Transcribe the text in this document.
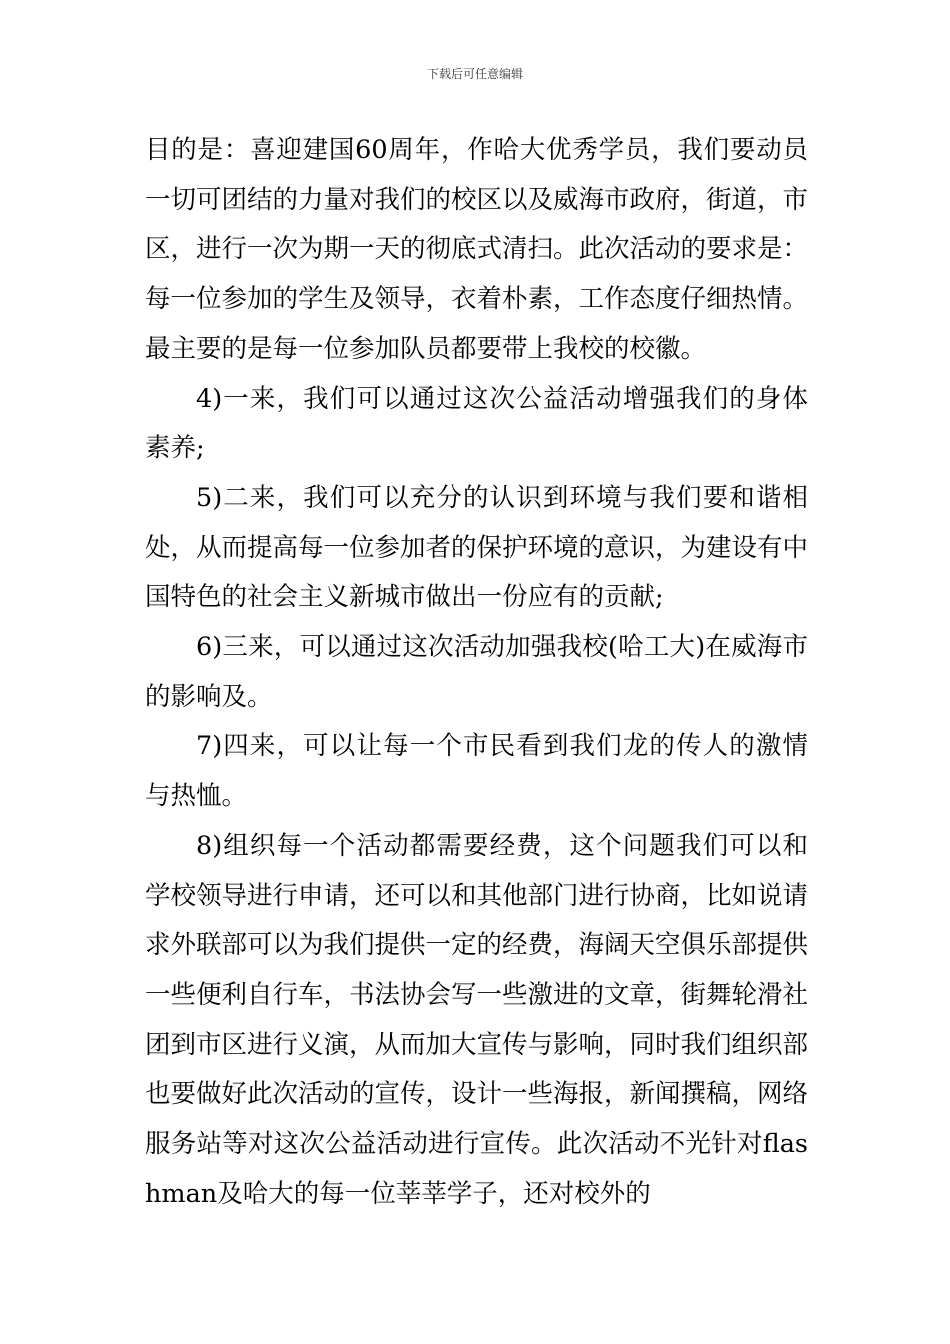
下载后可任意编辑

目的是：喜迎建国60周年，作哈大优秀学员，我们要动员一切可团结的力量对我们的校区以及威海市政府，街道，市区，进行一次为期一天的彻底式清扫。此次活动的要求是：每一位参加的学生及领导，衣着朴素，工作态度仔细热情。最主要的是每一位参加队员都要带上我校的校徽。

4)一来，我们可以通过这次公益活动增强我们的身体素养;

5)二来，我们可以充分的认识到环境与我们要和谐相处，从而提高每一位参加者的保护环境的意识，为建设有中国特色的社会主义新城市做出一份应有的贡献;

6)三来，可以通过这次活动加强我校(哈工大)在威海市的影响及。

7)四来，可以让每一个市民看到我们龙的传人的激情与热恤。

8)组织每一个活动都需要经费，这个问题我们可以和学校领导进行申请，还可以和其他部门进行协商，比如说请求外联部可以为我们提供一定的经费，海阔天空俱乐部提供一些便利自行车，书法协会写一些激进的文章，街舞轮滑社团到市区进行义演，从而加大宣传与影响，同时我们组织部也要做好此次活动的宣传，设计一些海报，新闻撰稿，网络服务站等对这次公益活动进行宣传。此次活动不光针对flashman及哈大的每一位莘莘学子，还对校外的
